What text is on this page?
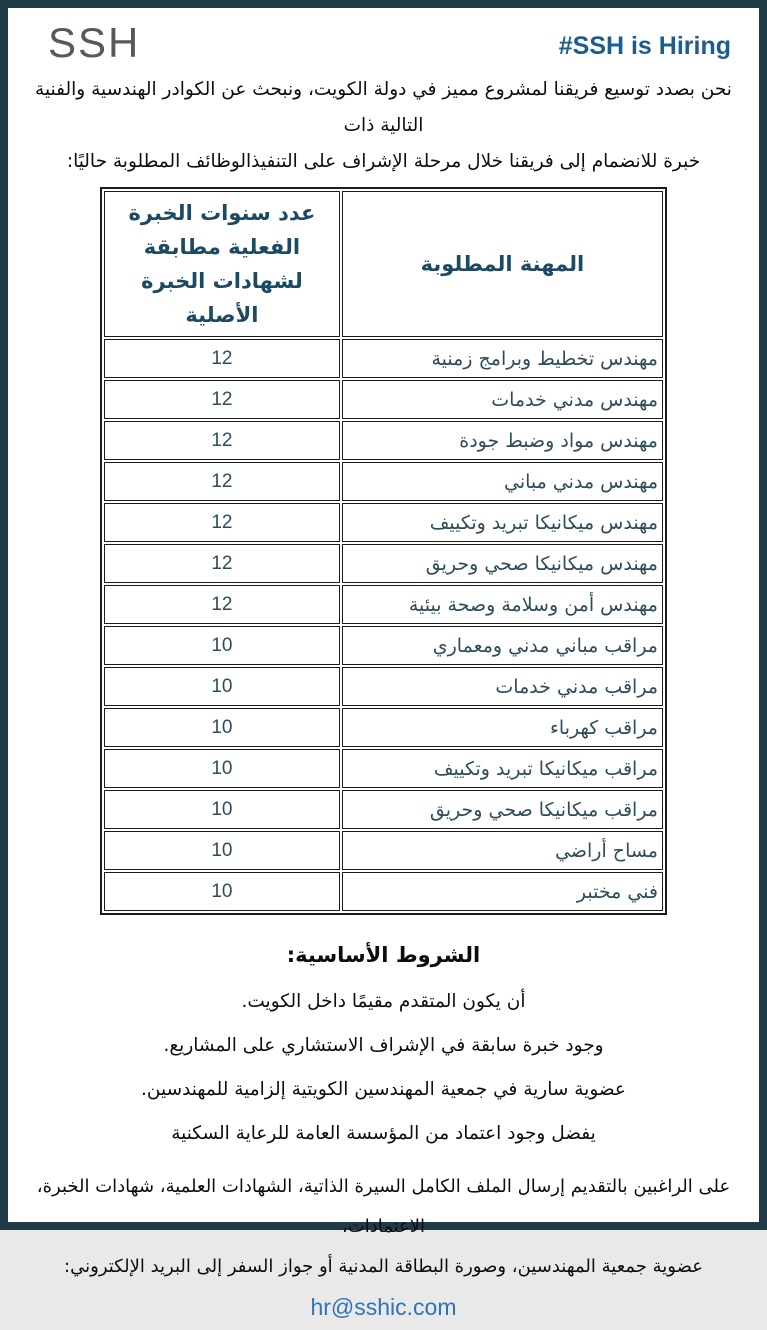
SSH	#SSH is Hiring
نحن بصدد توسيع فريقنا لمشروع مميز في دولة الكويت، ونبحث عن الكوادر الهندسية والفنية التالية ذات
خبرة للانضمام إلى فريقنا خلال مرحلة الإشراف على التنفيذالوظائف المطلوبة حاليًا:
المهنة المطلوبة	عدد سنوات الخبرة الفعلية مطابقة لشهادات الخبرة الأصلية
مهندس تخطيط وبرامج زمنية	12
مهندس مدني خدمات	12
مهندس مواد وضبط جودة	12
مهندس مدني مباني	12
مهندس ميكانيكا تبريد وتكييف	12
مهندس ميكانيكا صحي وحريق	12
مهندس أمن وسلامة وصحة بيئية	12
مراقب مباني مدني ومعماري	10
مراقب مدني خدمات	10
مراقب كهرباء	10
مراقب ميكانيكا تبريد وتكييف	10
مراقب ميكانيكا صحي وحريق	10
مساح أراضي	10
فني مختبر	10
الشروط الأساسية:
أن يكون المتقدم مقيمًا داخل الكويت.
وجود خبرة سابقة في الإشراف الاستشاري على المشاريع.
عضوية سارية في جمعية المهندسين الكويتية إلزامية للمهندسين.
يفضل وجود اعتماد من المؤسسة العامة للرعاية السكنية
على الراغبين بالتقديم إرسال الملف الكامل السيرة الذاتية، الشهادات العلمية، شهادات الخبرة، الاعتمادات،
عضوية جمعية المهندسين، وصورة البطاقة المدنية أو جواز السفر إلى البريد الإلكتروني: hr@sshic.com
